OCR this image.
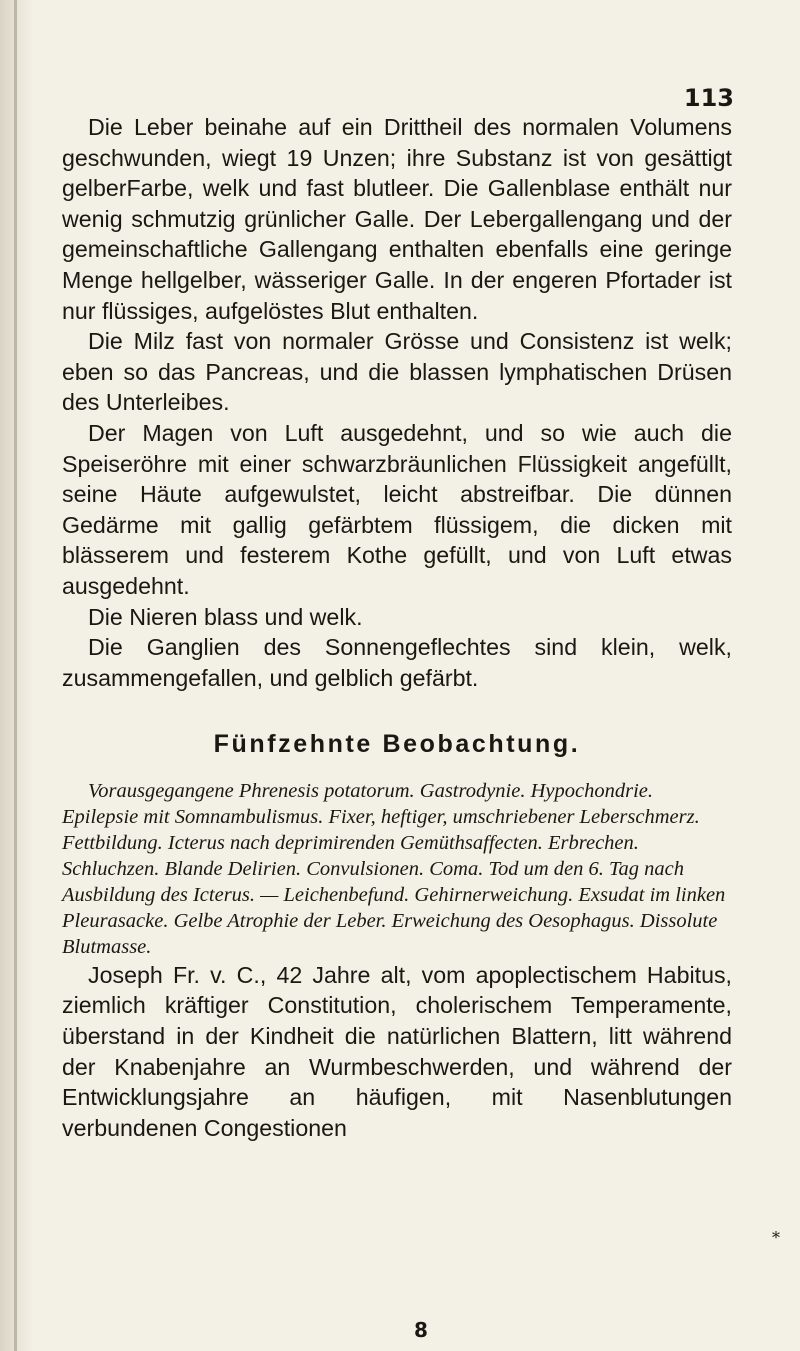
113

Die Leber beinahe auf ein Drittheil des normalen Volumens geschwunden, wiegt 19 Unzen; ihre Substanz ist von gesättigt gelberFarbe, welk und fast blutleer. Die Gallenblase enthält nur wenig schmutzig grünlicher Galle. Der Lebergallengang und der gemeinschaftliche Gallengang enthalten ebenfalls eine geringe Menge hellgelber, wässeriger Galle. In der engeren Pfortader ist nur flüssiges, aufgelöstes Blut enthalten.

Die Milz fast von normaler Grösse und Consistenz ist welk; eben so das Pancreas, und die blassen lymphatischen Drüsen des Unterleibes.

Der Magen von Luft ausgedehnt, und so wie auch die Speiseröhre mit einer schwarzbräunlichen Flüssigkeit angefüllt, seine Häute aufgewulstet, leicht abstreifbar. Die dünnen Gedärme mit gallig gefärbtem flüssigem, die dicken mit blässerem und festerem Kothe gefüllt, und von Luft etwas ausgedehnt.

Die Nieren blass und welk.

Die Ganglien des Sonnengeflechtes sind klein, welk, zusammengefallen, und gelblich gefärbt.

Fünfzehnte Beobachtung.

Vorausgegangene Phrenesis potatorum. Gastrodynie. Hypochondrie. Epilepsie mit Somnambulismus. Fixer, heftiger, umschriebener Leberschmerz. Fettbildung. Icterus nach deprimirenden Gemüthsaffecten. Erbrechen. Schluchzen. Blande Delirien. Convulsionen. Coma. Tod um den 6. Tag nach Ausbildung des Icterus. — Leichenbefund. Gehirnerweichung. Exsudat im linken Pleurasacke. Gelbe Atrophie der Leber. Erweichung des Oesophagus. Dissolute Blutmasse.

Joseph Fr. v. C., 42 Jahre alt, vom apoplectischem Habitus, ziemlich kräftiger Constitution, cholerischem Temperamente, überstand in der Kindheit die natürlichen Blattern, litt während der Knabenjahre an Wurmbeschwerden, und während der Entwicklungsjahre an häufigen, mit Nasenblutungen verbundenen Congestionen

*
8
